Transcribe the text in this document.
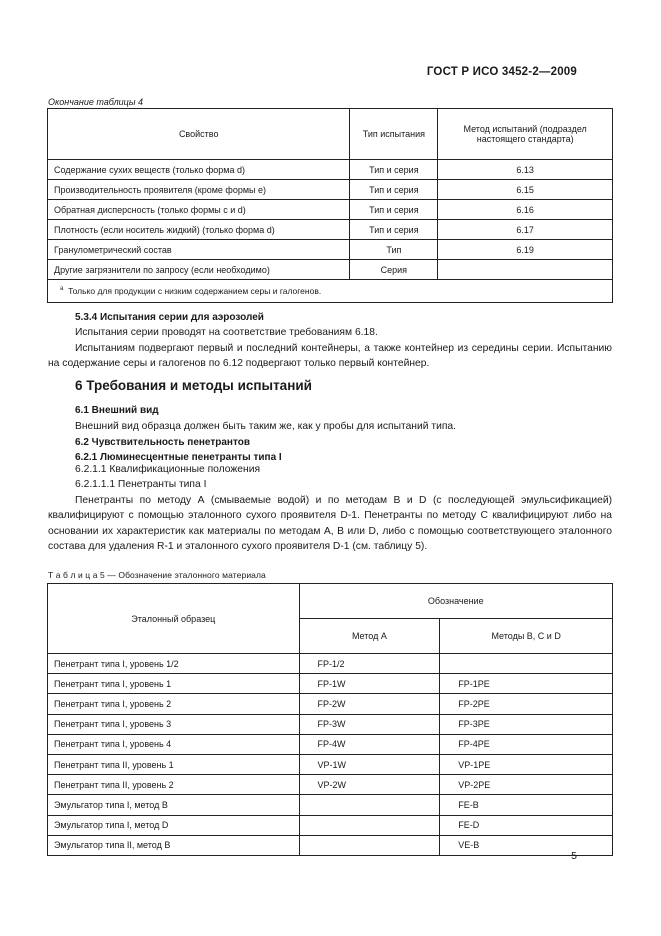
ГОСТ Р ИСО 3452-2—2009
Окончание таблицы 4
Свойство	Тип испытания	Метод испытаний (подраздел настоящего стандарта)
Содержание сухих веществ (только форма d)	Тип и серия	6.13
Производительность проявителя (кроме формы e)	Тип и серия	6.15
Обратная дисперсность (только формы c и d)	Тип и серия	6.16
Плотность (если носитель жидкий) (только форма d)	Тип и серия	6.17
Гранулометрический состав	Тип	6.19
Другие загрязнители по запросу (если необходимо)	Серия	
$^a$ Только для продукции с низким содержанием серы и галогенов.		
5.3.4 Испытания серии для аэрозолей
Испытания серии проводят на соответствие требованиям 6.18.
Испытаниям подвергают первый и последний контейнеры, а также контейнер из середины серии. Испытанию на содержание серы и галогенов по 6.12 подвергают только первый контейнер.
6 Требования и методы испытаний
6.1 Внешний вид
Внешний вид образца должен быть таким же, как у пробы для испытаний типа.
6.2 Чувствительность пенетрантов
6.2.1 Люминесцентные пенетранты типа I
6.2.1.1 Квалификационные положения
6.2.1.1.1 Пенетранты типа I
Пенетранты по методу А (смываемые водой) и по методам В и D (с последующей эмульсификацией) квалифицируют с помощью эталонного сухого проявителя D-1. Пенетранты по методу С квалифицируют либо на основании их характеристик как материалы по методам А, В или D, либо с помощью соответствующего эталонного состава для удаления R-1 и эталонного сухого проявителя D-1 (см. таблицу 5).
Т а б л и ц а 5 — Обозначение эталонного материала
Эталонный образец	Обозначение	
	Метод А	Методы В, С и D
Пенетрант типа I, уровень 1/2	FP-1/2	
Пенетрант типа I, уровень 1	FP-1W	FP-1PE
Пенетрант типа I, уровень 2	FP-2W	FP-2PE
Пенетрант типа I, уровень 3	FP-3W	FP-3PE
Пенетрант типа I, уровень 4	FP-4W	FP-4PE
Пенетрант типа II, уровень 1	VP-1W	VP-1PE
Пенетрант типа II, уровень 2	VP-2W	VP-2PE
Эмульгатор типа I, метод В		FE-B
Эмульгатор типа I, метод D		FE-D
Эмульгатор типа II, метод В		VE-B
5
